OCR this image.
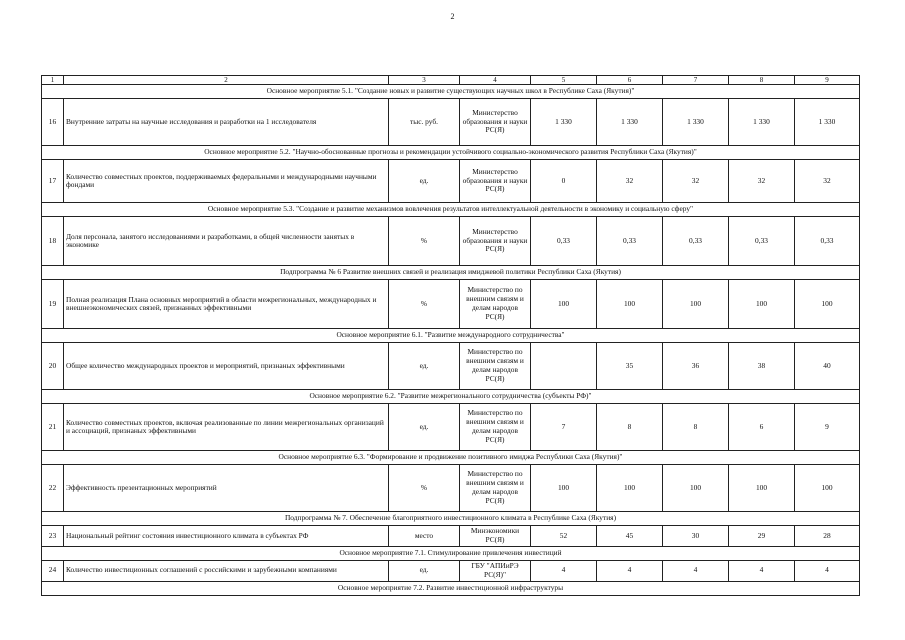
2
1	2	3	4	5	6	7	8	9
Основное мероприятие 5.1. "Создание новых и развитие существующих научных школ в Республике Саха (Якутия)"								
16	Внутренние затраты на научные исследования и разработки на 1 исследователя	тыс. руб.	Министерство образования и науки РС(Я)	1 330	1 330	1 330	1 330	1 330
Основное мероприятие 5.2. "Научно-обоснованные прогнозы и рекомендации устойчивого социально-экономического развития Республики Саха (Якутия)"								
17	Количество совместных проектов, поддерживаемых федеральными и международными научными фондами	ед.	Министерство образования и науки РС(Я)	0	32	32	32	32
Основное мероприятие 5.3. "Создание и развитие механизмов вовлечения результатов интеллектуальной деятельности в экономику и социальную сферу"								
18	Доля персонала, занятого исследованиями и разработками, в общей численности занятых в экономике	%	Министерство образования и науки РС(Я)	0,33	0,33	0,33	0,33	0,33
Подпрограмма № 6 Развитие внешних связей и реализация имиджевой политики Республики Саха (Якутия)								
19	Полная реализация Плана основных мероприятий в области межрегиональных, международных и внешнеэкономических связей, признанных эффективными	%	Министерство по внешним связям и делам народов РС(Я)	100	100	100	100	100
Основное мероприятие 6.1. "Развитие международного сотрудничества"								
20	Общее количество международных проектов и мероприятий, признаных эффективными	ед.	Министерство по внешним связям и делам народов РС(Я)		35	36	38	40
Основное мероприятие 6.2. "Развитие межрегионального сотрудничества (субъекты РФ)"								
21	Количество совместных проектов, включая реализованные по линии межрегиональных организаций и ассоциаций, признаных эффективными	ед.	Министерство по внешним связям и делам народов РС(Я)	7	8	8	6	9
Основное мероприятие 6.3. "Формирование и продвижение позитивного имиджа Республики Саха (Якутия)"								
22	Эффективность презентационных мероприятий	%	Министерство по внешним связям и делам народов РС(Я)	100	100	100	100	100
Подпрограмма № 7. Обеспечение благоприятного инвестиционного климата в Республике Саха (Якутия)								
23	Национальный рейтинг состояния инвестиционного климата в субъектах РФ	место	Минэкономики РС(Я)	52	45	30	29	28
Основное мероприятие 7.1. Стимулирование привлечения инвестиций								
24	Количество инвестиционных соглашений с российскими и зарубежными компаниями	ед.	ГБУ "АПИиРЭ РС(Я)"	4	4	4	4	4
Основное мероприятие 7.2. Развитие инвестиционной инфраструктуры								
